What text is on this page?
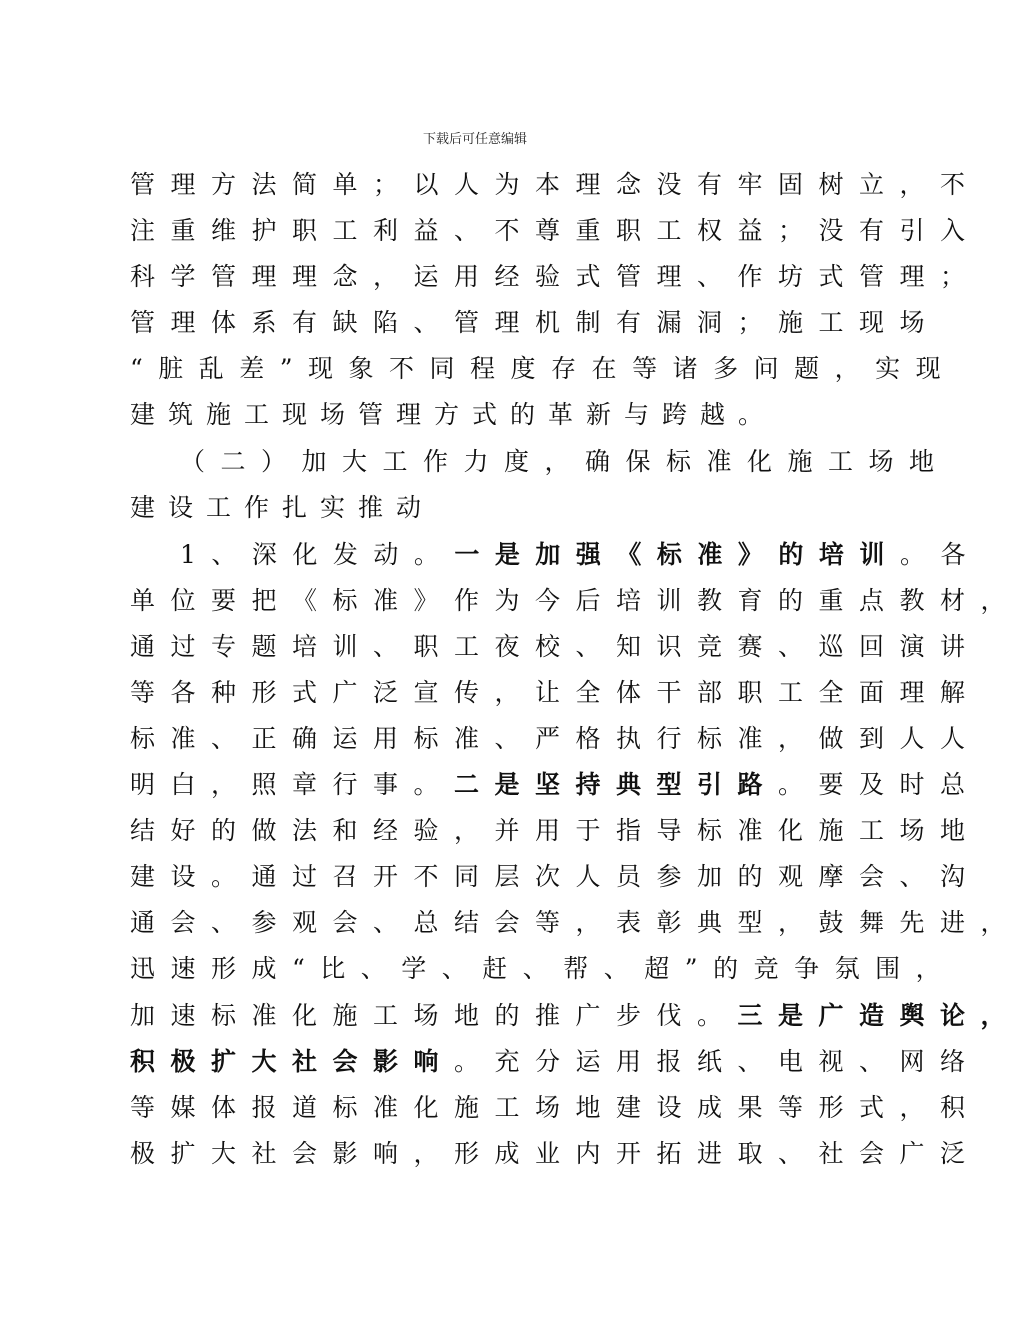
下载后可任意编辑
管理方法简单；以人为本理念没有牢固树立，不
注重维护职工利益、不尊重职工权益；没有引入
科学管理理念，运用经验式管理、作坊式管理；
管理体系有缺陷、管理机制有漏洞；施工现场
“脏乱差”现象不同程度存在等诸多问题，实现
建筑施工现场管理方式的革新与跨越。
（二）加大工作力度，确保标准化施工场地
建设工作扎实推动
1、深化发动。一是加强《标准》的培训。各
单位要把《标准》作为今后培训教育的重点教材，
通过专题培训、职工夜校、知识竞赛、巡回演讲
等各种形式广泛宣传，让全体干部职工全面理解
标准、正确运用标准、严格执行标准，做到人人
明白，照章行事。二是坚持典型引路。要及时总
结好的做法和经验，并用于指导标准化施工场地
建设。通过召开不同层次人员参加的观摩会、沟
通会、参观会、总结会等，表彰典型，鼓舞先进，
迅速形成“比、学、赶、帮、超”的竞争氛围，
加速标准化施工场地的推广步伐。三是广造舆论，
积极扩大社会影响。充分运用报纸、电视、网络
等媒体报道标准化施工场地建设成果等形式，积
极扩大社会影响，形成业内开拓进取、社会广泛
